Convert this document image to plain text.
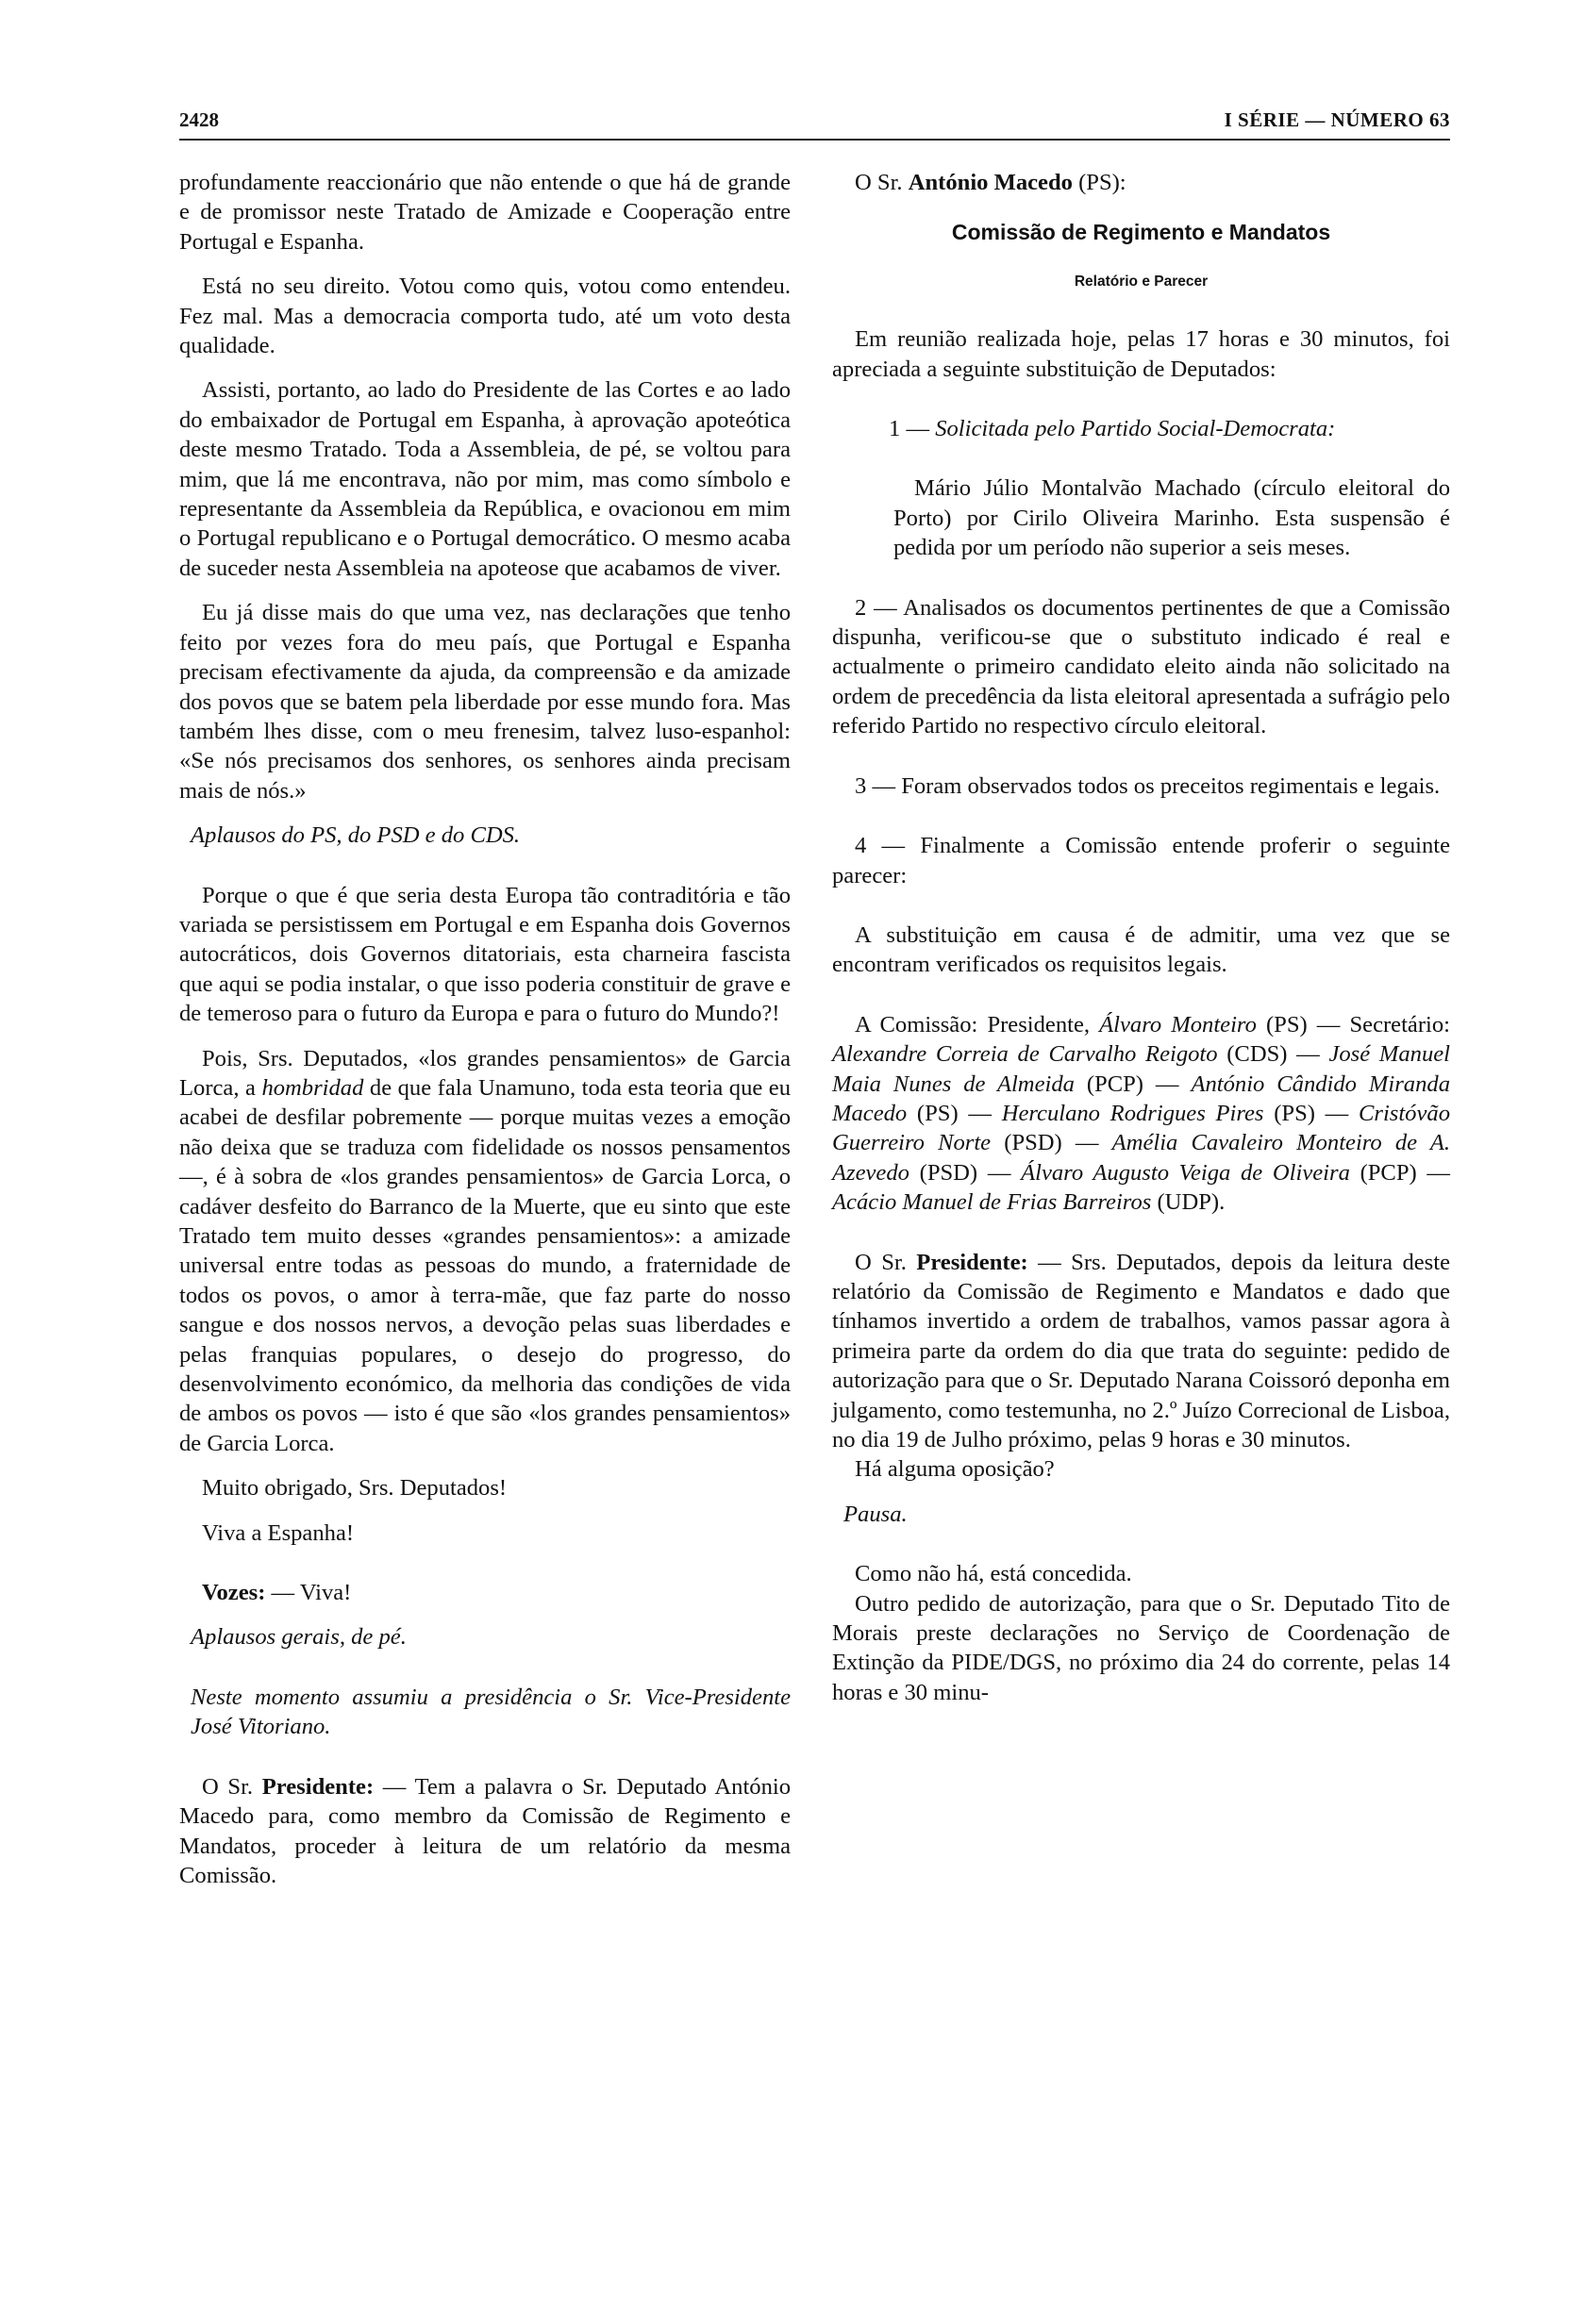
2428	I SÉRIE — NÚMERO 63

profundamente reaccionário que não entende o que há de grande e de promissor neste Tratado de Amizade e Cooperação entre Portugal e Espanha.

Está no seu direito. Votou como quis, votou como entendeu. Fez mal. Mas a democracia comporta tudo, até um voto desta qualidade.

Assisti, portanto, ao lado do Presidente de las Cortes e ao lado do embaixador de Portugal em Espanha, à aprovação apoteótica deste mesmo Tratado. Toda a Assembleia, de pé, se voltou para mim, que lá me encontrava, não por mim, mas como símbolo e representante da Assembleia da República, e ovacionou em mim o Portugal republicano e o Portugal democrático. O mesmo acaba de suceder nesta Assembleia na apoteose que acabamos de viver.

Eu já disse mais do que uma vez, nas declarações que tenho feito por vezes fora do meu país, que Portugal e Espanha precisam efectivamente da ajuda, da compreensão e da amizade dos povos que se batem pela liberdade por esse mundo fora. Mas também lhes disse, com o meu frenesim, talvez luso-espanhol: «Se nós precisamos dos senhores, os senhores ainda precisam mais de nós.»

Aplausos do PS, do PSD e do CDS.

Porque o que é que seria desta Europa tão contraditória e tão variada se persistissem em Portugal e em Espanha dois Governos autocráticos, dois Governos ditatoriais, esta charneira fascista que aqui se podia instalar, o que isso poderia constituir de grave e de temeroso para o futuro da Europa e para o futuro do Mundo?!

Pois, Srs. Deputados, «los grandes pensamientos» de Garcia Lorca, a hombridad de que fala Unamuno, toda esta teoria que eu acabei de desfilar pobremente — porque muitas vezes a emoção não deixa que se traduza com fidelidade os nossos pensamentos —, é à sobra de «los grandes pensamientos» de Garcia Lorca, o cadáver desfeito do Barranco de la Muerte, que eu sinto que este Tratado tem muito desses «grandes pensamientos»: a amizade universal entre todas as pessoas do mundo, a fraternidade de todos os povos, o amor à terra-mãe, que faz parte do nosso sangue e dos nossos nervos, a devoção pelas suas liberdades e pelas franquias populares, o desejo do progresso, do desenvolvimento económico, da melhoria das condições de vida de ambos os povos — isto é que são «los grandes pensamientos» de Garcia Lorca.

Muito obrigado, Srs. Deputados!

Viva a Espanha!

Vozes: — Viva!

Aplausos gerais, de pé.

Neste momento assumiu a presidência o Sr. Vice-Presidente José Vitoriano.

O Sr. Presidente: — Tem a palavra o Sr. Deputado António Macedo para, como membro da Comissão de Regimento e Mandatos, proceder à leitura de um relatório da mesma Comissão.

O Sr. António Macedo (PS):

Comissão de Regimento e Mandatos
Relatório e Parecer

Em reunião realizada hoje, pelas 17 horas e 30 minutos, foi apreciada a seguinte substituição de Deputados:

1 — Solicitada pelo Partido Social-Democrata:

Mário Júlio Montalvão Machado (círculo eleitoral do Porto) por Cirilo Oliveira Marinho. Esta suspensão é pedida por um período não superior a seis meses.

2 — Analisados os documentos pertinentes de que a Comissão dispunha, verificou-se que o substituto indicado é real e actualmente o primeiro candidato eleito ainda não solicitado na ordem de precedência da lista eleitoral apresentada a sufrágio pelo referido Partido no respectivo círculo eleitoral.

3 — Foram observados todos os preceitos regimentais e legais.

4 — Finalmente a Comissão entende proferir o seguinte parecer:

A substituição em causa é de admitir, uma vez que se encontram verificados os requisitos legais.

A Comissão: Presidente, Álvaro Monteiro (PS) — Secretário: Alexandre Correia de Carvalho Reigoto (CDS) — José Manuel Maia Nunes de Almeida (PCP) — António Cândido Miranda Macedo (PS) — Herculano Rodrigues Pires (PS) — Cristóvão Guerreiro Norte (PSD) — Amélia Cavaleiro Monteiro de A. Azevedo (PSD) — Álvaro Augusto Veiga de Oliveira (PCP) — Acácio Manuel de Frias Barreiros (UDP).

O Sr. Presidente: — Srs. Deputados, depois da leitura deste relatório da Comissão de Regimento e Mandatos e dado que tínhamos invertido a ordem de trabalhos, vamos passar agora à primeira parte da ordem do dia que trata do seguinte: pedido de autorização para que o Sr. Deputado Narana Coissoró deponha em julgamento, como testemunha, no 2.º Juízo Correcional de Lisboa, no dia 19 de Julho próximo, pelas 9 horas e 30 minutos.

Há alguma oposição?

Pausa.

Como não há, está concedida.

Outro pedido de autorização, para que o Sr. Deputado Tito de Morais preste declarações no Serviço de Coordenação de Extinção da PIDE/DGS, no próximo dia 24 do corrente, pelas 14 horas e 30 minu-
